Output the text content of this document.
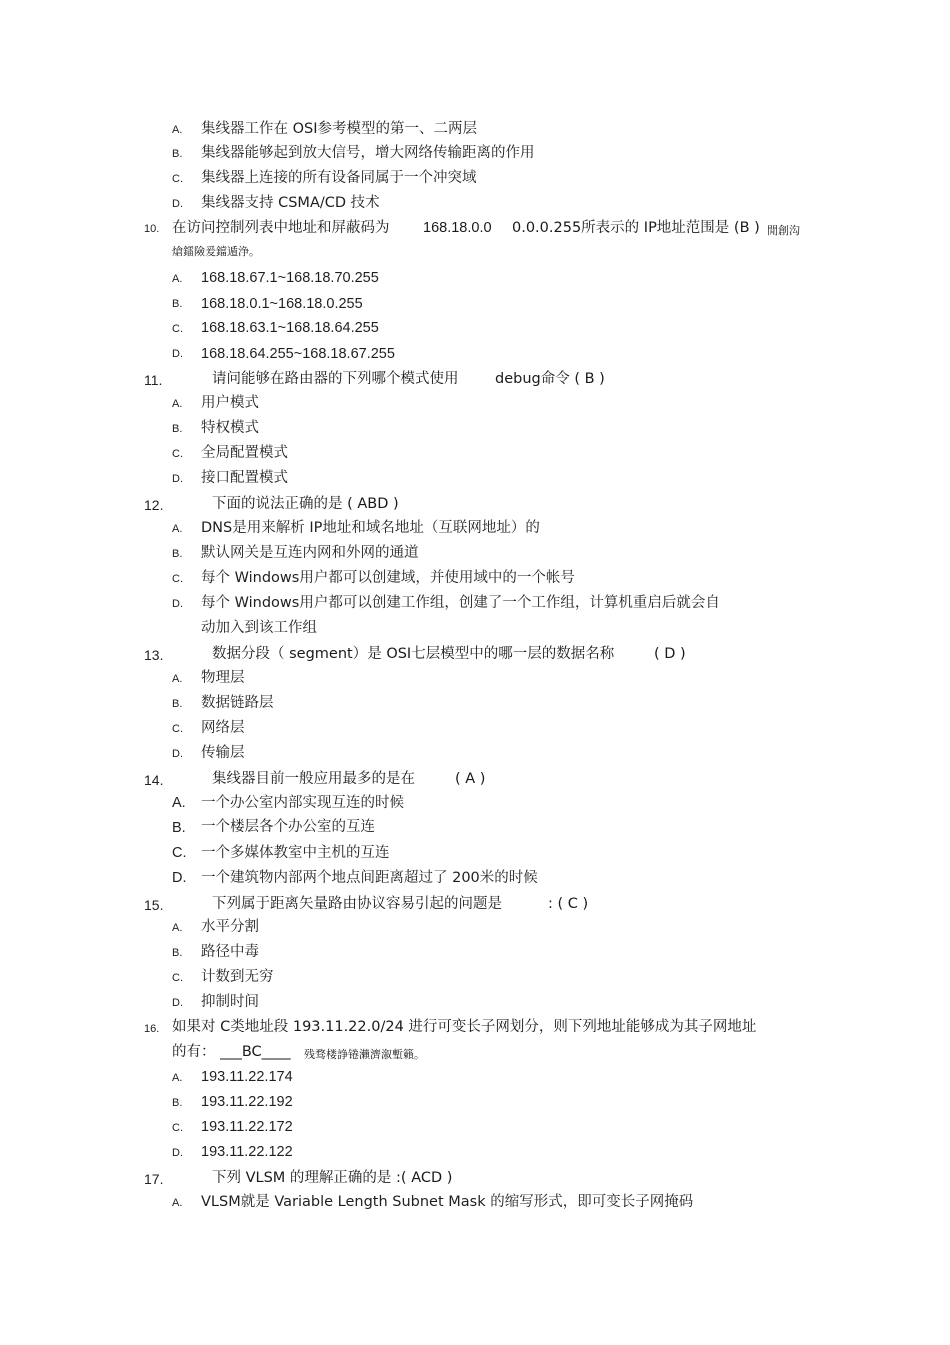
A. 集线器工作在 OSI参考模型的第一、二两层
B. 集线器能够起到放大信号，增大网络传输距离的作用
C. 集线器上连接的所有设备同属于一个冲突域
D. 集线器支持 CSMA/CD 技术
10. 在访问控制列表中地址和屏蔽码为 168.18.0.0 0.0.0.255所表示的 IP地址范围是 (B ) 閒創沟
熗鐳險爰鐺遁浄。
A. 168.18.67.1~168.18.70.255
B. 168.18.0.1~168.18.0.255
C. 168.18.63.1~168.18.64.255
D. 168.18.64.255~168.18.67.255
11.	请问能够在路由器的下列哪个模式使用	debug命令 ( B )
A. 用户模式
B. 特权模式
C. 全局配置模式
D. 接口配置模式
12.	下面的说法正确的是 ( ABD )
A. DNS是用来解析 IP地址和域名地址（互联网地址）的
B. 默认网关是互连内网和外网的通道
C. 每个 Windows用户都可以创建域，并使用域中的一个帐号
D. 每个 Windows用户都可以创建工作组，创建了一个工作组，计算机重启后就会自
动加入到该工作组
13.	数据分段（ segment）是 OSI七层模型中的哪一层的数据名称	( D )
A. 物理层
B. 数据链路层
C. 网络层
D. 传输层
14.	集线器目前一般应用最多的是在	( A )
A. 一个办公室内部实现互连的时候
B. 一个楼层各个办公室的互连
C. 一个多媒体教室中主机的互连
D. 一个建筑物内部两个地点间距离超过了 200米的时候
15.	下列属于距离矢量路由协议容易引起的问题是	: ( C )
A. 水平分割
B. 路径中毒
C. 计数到无穷
D. 抑制时间
16. 如果对 C类地址段 193.11.22.0/24 进行可变长子网划分，则下列地址能够成为其子网地址
的有： ___BC____ 残骛楼諍锩瀨濟溆塹籟。
A. 193.11.22.174
B. 193.11.22.192
C. 193.11.22.172
D. 193.11.22.122
17.	下列 VLSM 的理解正确的是 :( ACD )
A. VLSM就是 Variable Length Subnet Mask 的缩写形式，即可变长子网掩码
